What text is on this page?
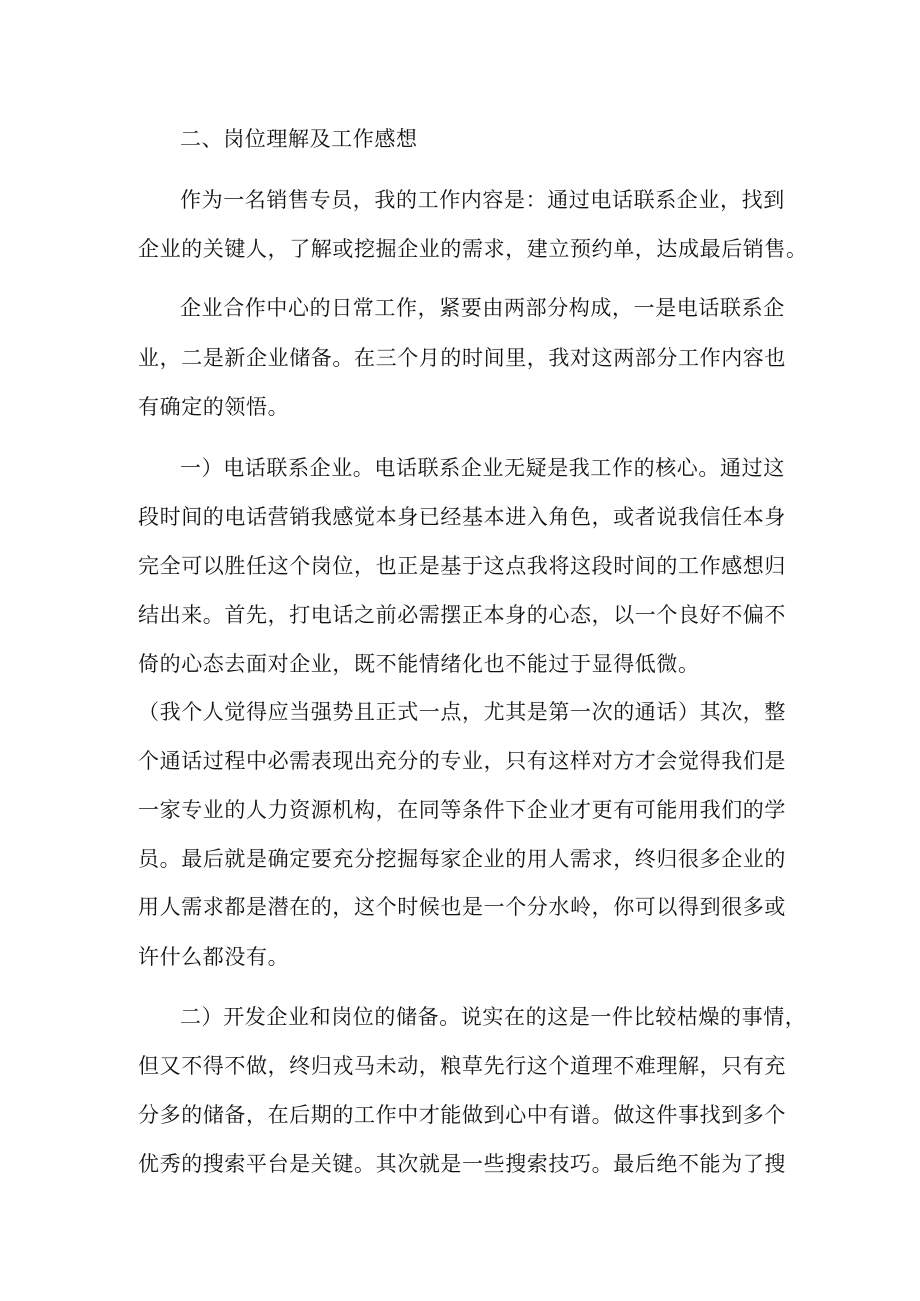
二、岗位理解及工作感想
作为一名销售专员，我的工作内容是：通过电话联系企业，找到
企业的关键人，了解或挖掘企业的需求，建立预约单，达成最后销售。
企业合作中心的日常工作，紧要由两部分构成，一是电话联系企
业，二是新企业储备。在三个月的时间里，我对这两部分工作内容也
有确定的领悟。
一）电话联系企业。电话联系企业无疑是我工作的核心。通过这
段时间的电话营销我感觉本身已经基本进入角色，或者说我信任本身
完全可以胜任这个岗位，也正是基于这点我将这段时间的工作感想归
结出来。首先，打电话之前必需摆正本身的心态，以一个良好不偏不
倚的心态去面对企业，既不能情绪化也不能过于显得低微。
（我个人觉得应当强势且正式一点，尤其是第一次的通话）其次，整
个通话过程中必需表现出充分的专业，只有这样对方才会觉得我们是
一家专业的人力资源机构，在同等条件下企业才更有可能用我们的学
员。最后就是确定要充分挖掘每家企业的用人需求，终归很多企业的
用人需求都是潜在的，这个时候也是一个分水岭，你可以得到很多或
许什么都没有。
二）开发企业和岗位的储备。说实在的这是一件比较枯燥的事情，
但又不得不做，终归戎马未动，粮草先行这个道理不难理解，只有充
分多的储备，在后期的工作中才能做到心中有谱。做这件事找到多个
优秀的搜索平台是关键。其次就是一些搜索技巧。最后绝不能为了搜
